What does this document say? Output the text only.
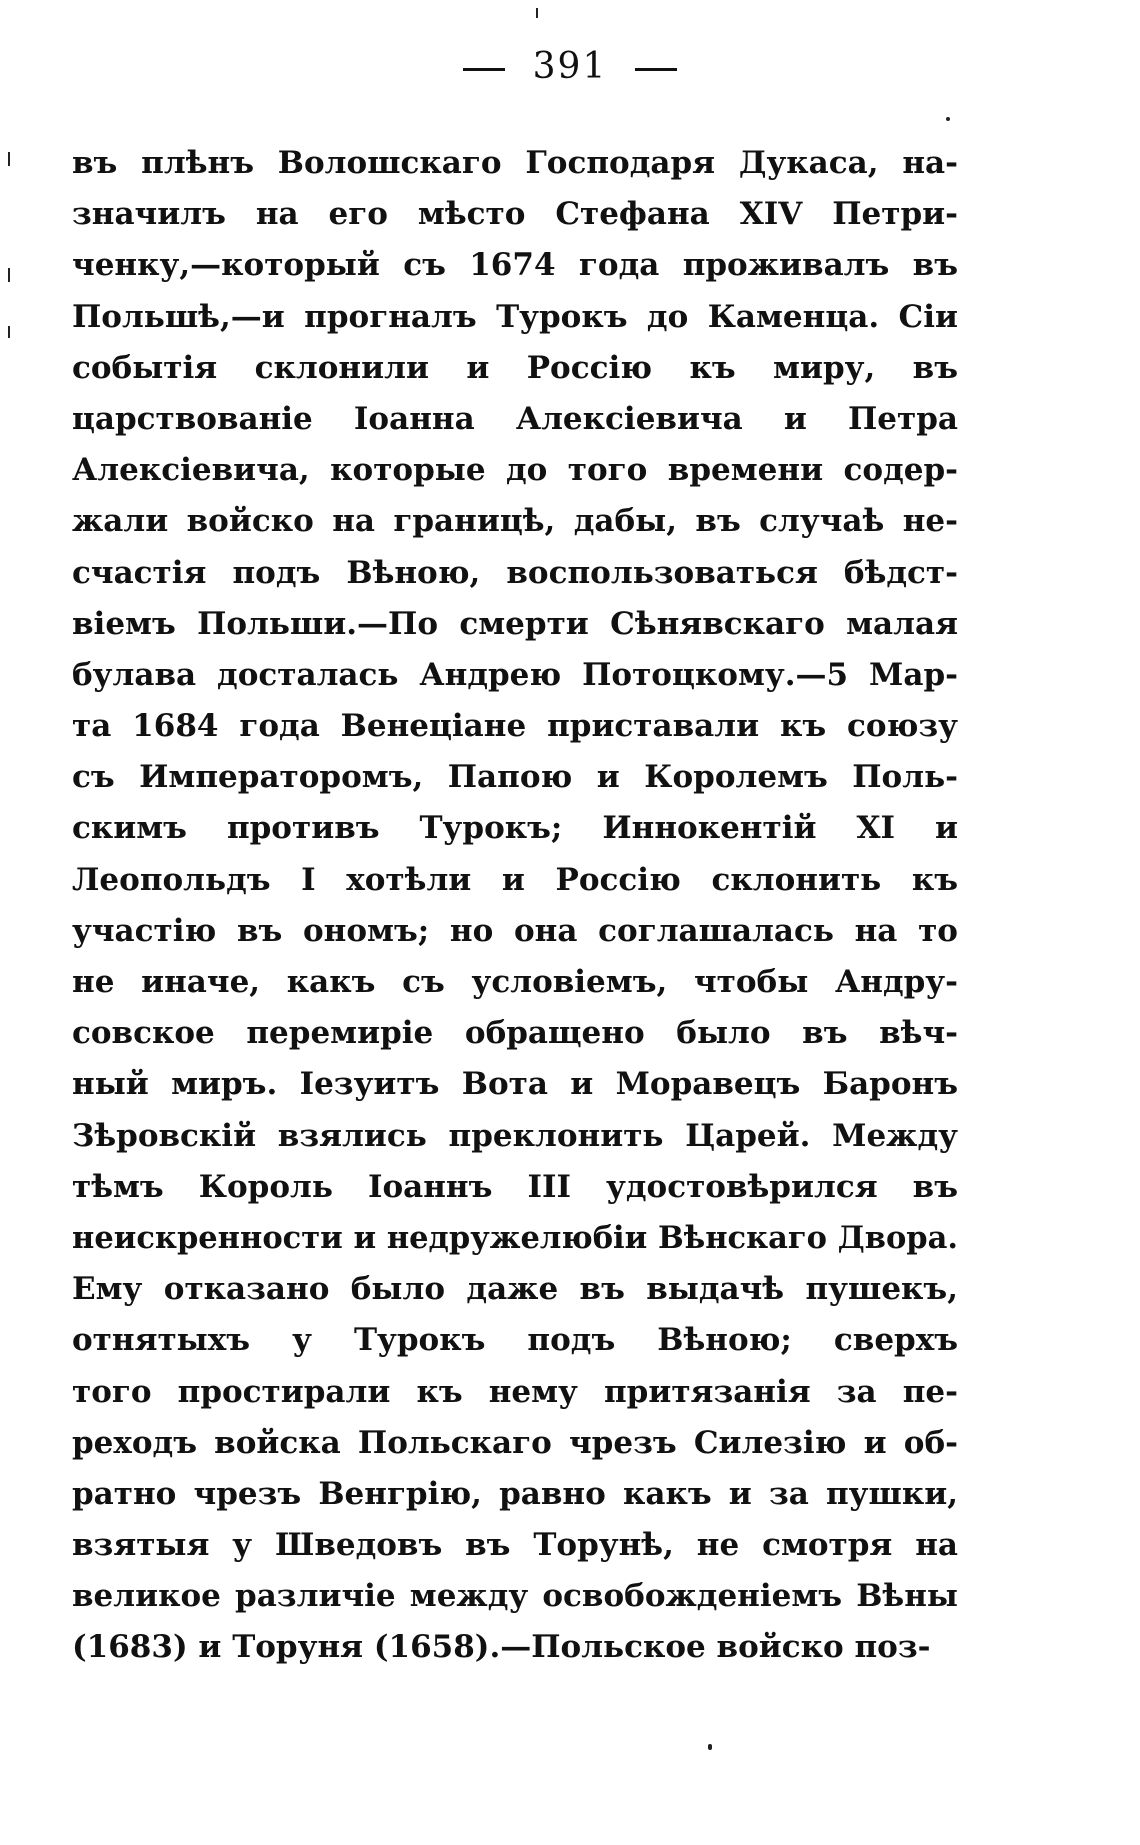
391
въ плѣнъ Волошскаго Господаря Дукаса, на-
значилъ на его мѣсто Стефана XIV Петри-
ченку,—который съ 1674 года проживалъ въ
Польшѣ,—и прогналъ Турокъ до Каменца. Сіи
событія склонили и Россію къ миру, въ
царствованіе Іоанна Алексіевича и Петра
Алексіевича, которые до того времени содер-
жали войско на границѣ, дабы, въ случаѣ не-
счастія подъ Вѣною, воспользоваться бѣдст-
віемъ Польши.—По смерти Сѣнявскаго малая
булава досталась Андрею Потоцкому.—5 Мар-
та 1684 года Венеціане приставали къ союзу
съ Императоромъ, Папою и Королемъ Поль-
скимъ противъ Турокъ; Иннокентій XI и
Леопольдъ I хотѣли и Россію склонить къ
участію въ ономъ; но она соглашалась на то
не иначе, какъ съ условіемъ, чтобы Андру-
совское перемиріе обращено было въ вѣч-
ный миръ. Іезуитъ Вота и Моравецъ Баронъ
Зѣровскій взялись преклонить Царей. Между
тѣмъ Король Іоаннъ III удостовѣрился въ
неискренности и недружелюбіи Вѣнскаго Двора.
Ему отказано было даже въ выдачѣ пушекъ,
отнятыхъ у Турокъ подъ Вѣною; сверхъ
того простирали къ нему притязанія за пе-
реходъ войска Польскаго чрезъ Силезію и об-
ратно чрезъ Венгрію, равно какъ и за пушки,
взятыя у Шведовъ въ Торунѣ, не смотря на
великое различіе между освобожденіемъ Вѣны
(1683) и Торуня (1658).—Польское войско поз-
